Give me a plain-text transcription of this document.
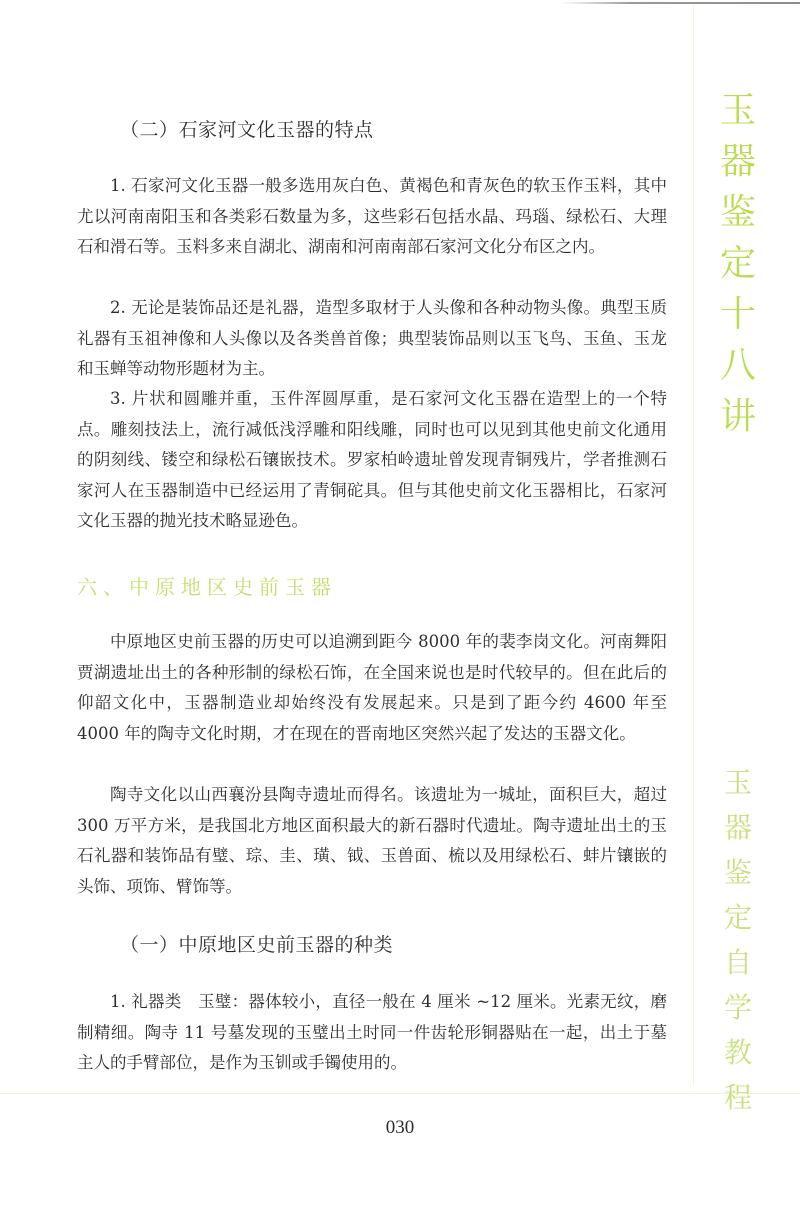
玉
器
鉴
定
十
八
讲
玉
器
鉴
定
自
学
教
程
（二）石家河文化玉器的特点

1. 石家河文化玉器一般多选用灰白色、黄褐色和青灰色的软玉作玉料，其中尤以河南南阳玉和各类彩石数量为多，这些彩石包括水晶、玛瑙、绿松石、大理石和滑石等。玉料多来自湖北、湖南和河南南部石家河文化分布区之内。

2. 无论是装饰品还是礼器，造型多取材于人头像和各种动物头像。典型玉质礼器有玉祖神像和人头像以及各类兽首像；典型装饰品则以玉飞鸟、玉鱼、玉龙和玉蝉等动物形题材为主。

3. 片状和圆雕并重，玉件浑圆厚重，是石家河文化玉器在造型上的一个特点。雕刻技法上，流行减低浅浮雕和阳线雕，同时也可以见到其他史前文化通用的阴刻线、镂空和绿松石镶嵌技术。罗家柏岭遗址曾发现青铜残片，学者推测石家河人在玉器制造中已经运用了青铜砣具。但与其他史前文化玉器相比，石家河文化玉器的抛光技术略显逊色。

六、中原地区史前玉器

中原地区史前玉器的历史可以追溯到距今 8000 年的裴李岗文化。河南舞阳贾湖遗址出土的各种形制的绿松石饰，在全国来说也是时代较早的。但在此后的仰韶文化中，玉器制造业却始终没有发展起来。只是到了距今约 4600 年至 4000 年的陶寺文化时期，才在现在的晋南地区突然兴起了发达的玉器文化。

陶寺文化以山西襄汾县陶寺遗址而得名。该遗址为一城址，面积巨大，超过 300 万平方米，是我国北方地区面积最大的新石器时代遗址。陶寺遗址出土的玉石礼器和装饰品有璧、琮、圭、璜、钺、玉兽面、梳以及用绿松石、蚌片镶嵌的头饰、项饰、臂饰等。

（一）中原地区史前玉器的种类

1. 礼器类　玉璧：器体较小，直径一般在 4 厘米 ~12 厘米。光素无纹，磨制精细。陶寺 11 号墓发现的玉璧出土时同一件齿轮形铜器贴在一起，出土于墓主人的手臂部位，是作为玉钏或手镯使用的。

030
